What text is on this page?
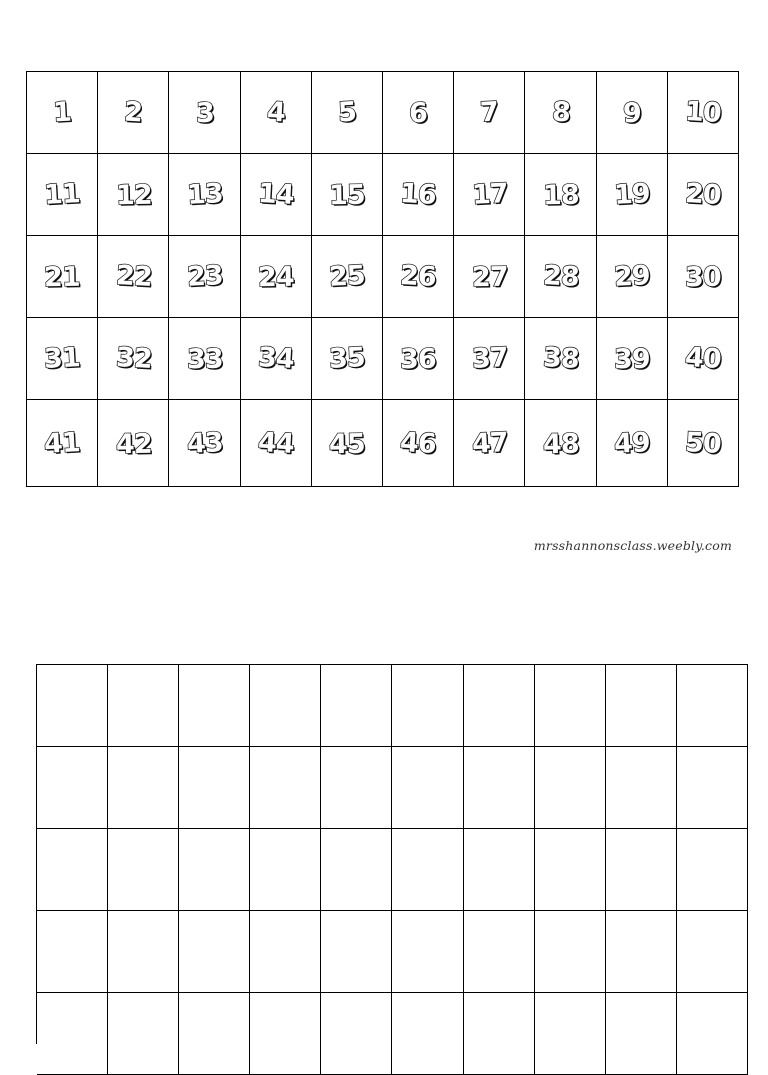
1 2 3 4 5 6 7 8 9 10
11 12 13 14 15 16 17 18 19 20
21 22 23 24 25 26 27 28 29 30
31 32 33 34 35 36 37 38 39 40
41 42 43 44 45 46 47 48 49 50
mrsshannonsclass.weebly.com
